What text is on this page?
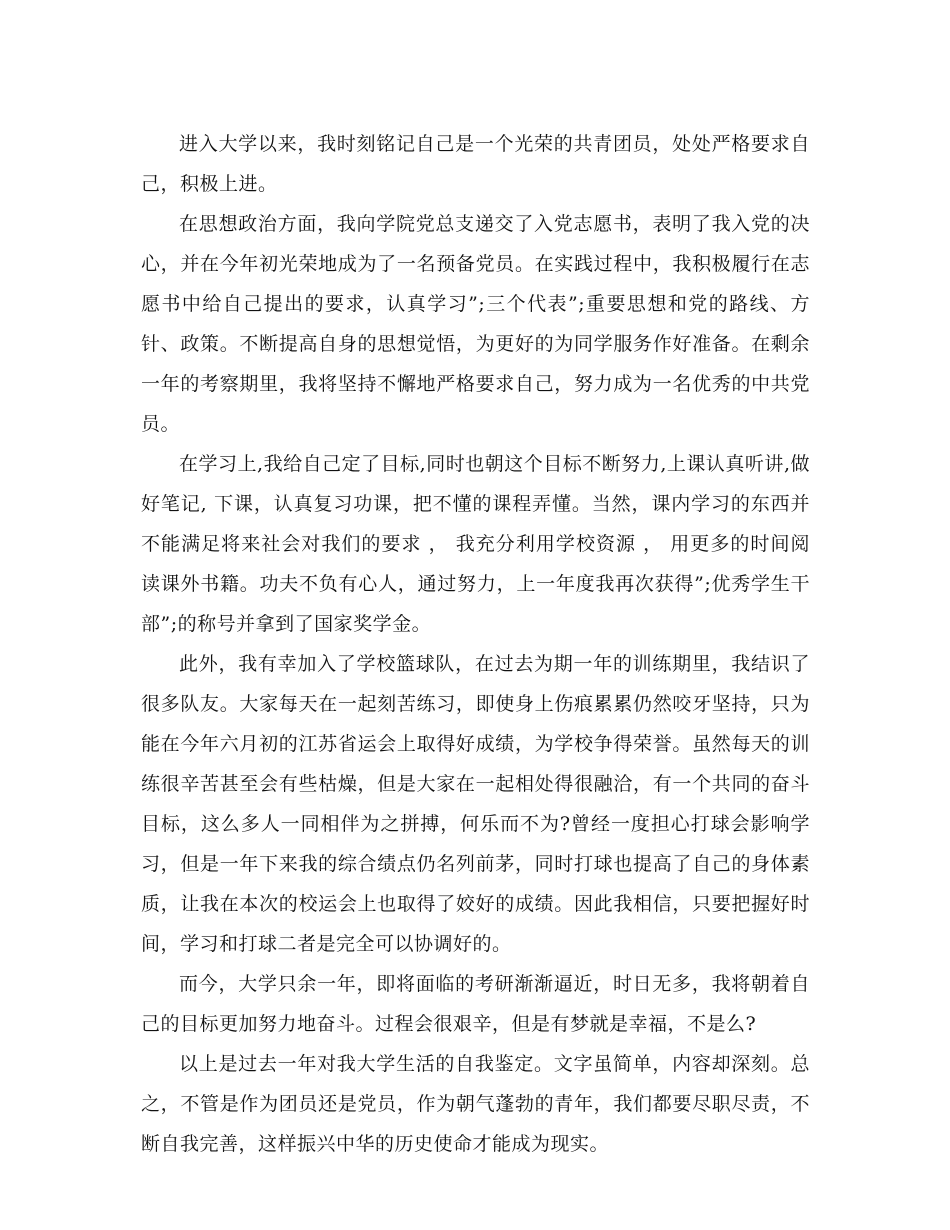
进入大学以来，我时刻铭记自己是一个光荣的共青团员，处处严格要求自己，积极上进。

在思想政治方面，我向学院党总支递交了入党志愿书，表明了我入党的决心，并在今年初光荣地成为了一名预备党员。在实践过程中，我积极履行在志愿书中给自己提出的要求，认真学习”;三个代表”;重要思想和党的路线、方针、政策。不断提高自身的思想觉悟，为更好的为同学服务作好准备。在剩余一年的考察期里，我将坚持不懈地严格要求自己，努力成为一名优秀的中共党员。

在学习上,我给自己定了目标,同时也朝这个目标不断努力,上课认真听讲,做好笔记, 下课，认真复习功课，把不懂的课程弄懂。当然，课内学习的东西并不能满足将来社会对我们的要求 ， 我充分利用学校资源 ， 用更多的时间阅读课外书籍。功夫不负有心人，通过努力，上一年度我再次获得”;优秀学生干部”;的称号并拿到了国家奖学金。

此外，我有幸加入了学校篮球队，在过去为期一年的训练期里，我结识了很多队友。大家每天在一起刻苦练习，即使身上伤痕累累仍然咬牙坚持，只为能在今年六月初的江苏省运会上取得好成绩，为学校争得荣誉。虽然每天的训练很辛苦甚至会有些枯燥，但是大家在一起相处得很融洽，有一个共同的奋斗目标，这么多人一同相伴为之拼搏，何乐而不为?曾经一度担心打球会影响学习，但是一年下来我的综合绩点仍名列前茅，同时打球也提高了自己的身体素质，让我在本次的校运会上也取得了姣好的成绩。因此我相信，只要把握好时间，学习和打球二者是完全可以协调好的。

而今，大学只余一年，即将面临的考研渐渐逼近，时日无多，我将朝着自己的目标更加努力地奋斗。过程会很艰辛，但是有梦就是幸福，不是么?

以上是过去一年对我大学生活的自我鉴定。文字虽简单，内容却深刻。总之，不管是作为团员还是党员，作为朝气蓬勃的青年，我们都要尽职尽责，不断自我完善，这样振兴中华的历史使命才能成为现实。
